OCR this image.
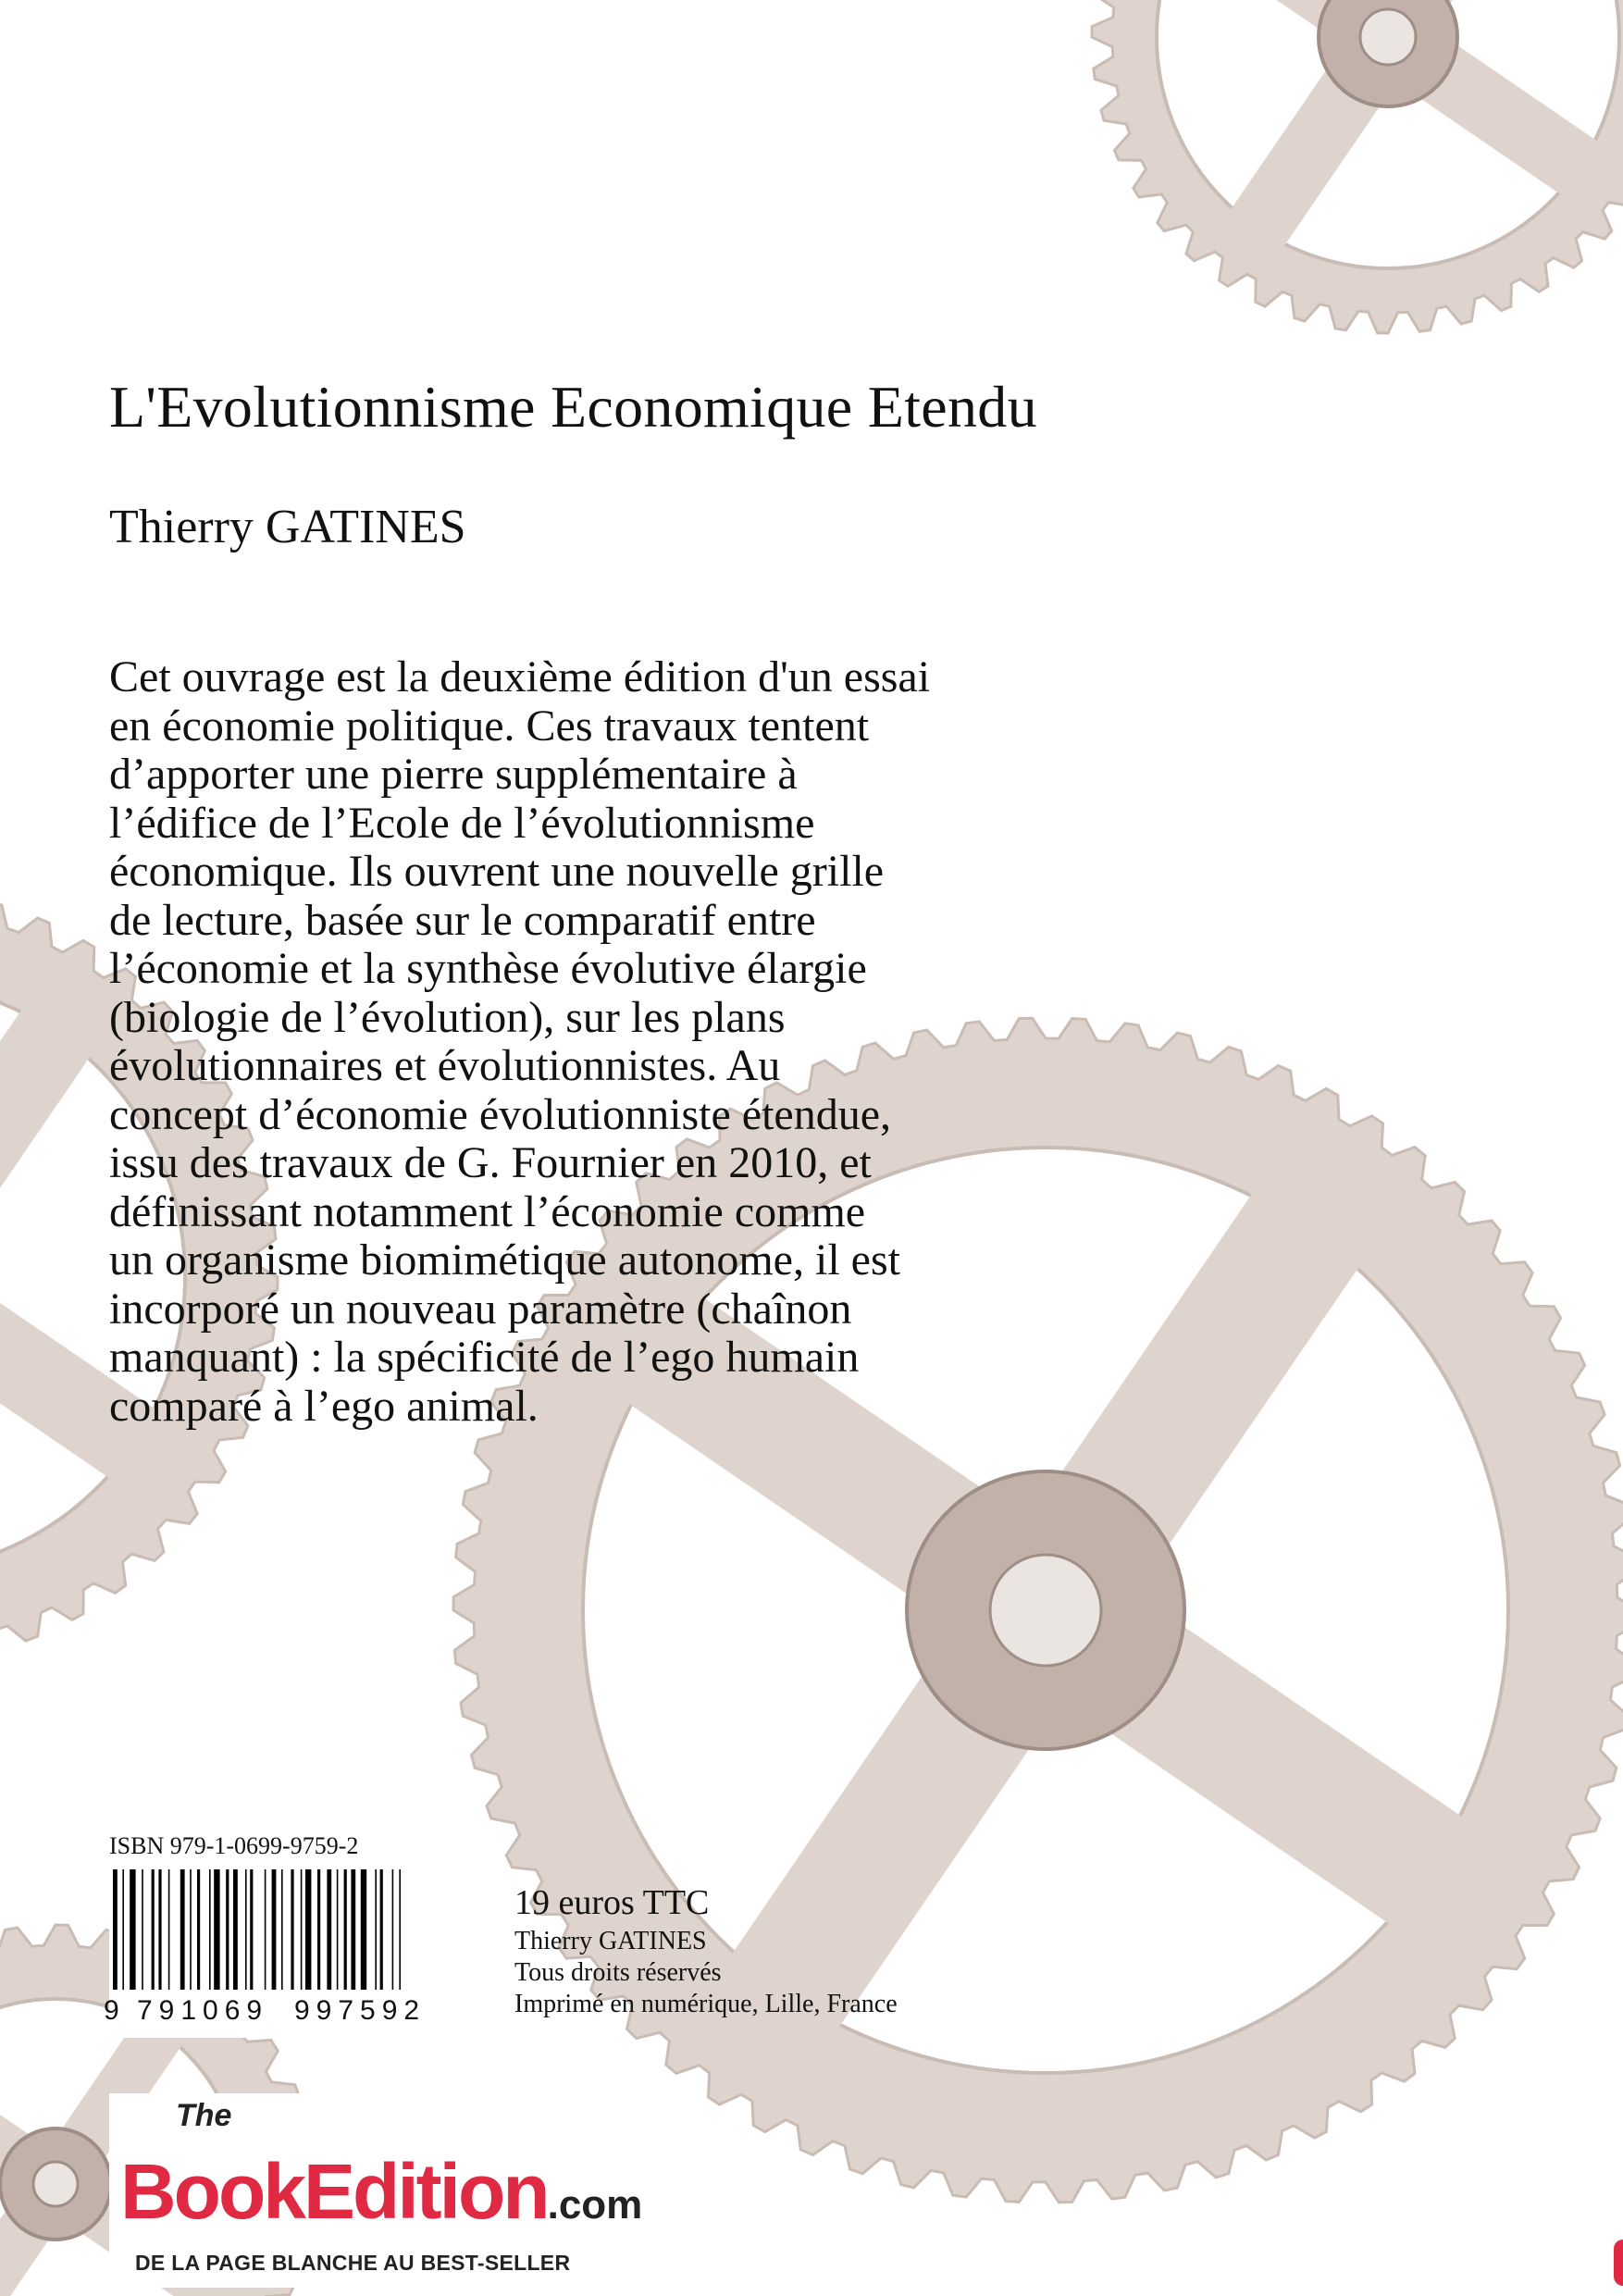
L'Evolutionnisme Economique Etendu
Thierry GATINES
Cet ouvrage est la deuxième édition d'un essai
en économie politique. Ces travaux tentent
d’apporter une pierre supplémentaire à
l’édifice de l’Ecole de l’évolutionnisme
économique. Ils ouvrent une nouvelle grille
de lecture, basée sur le comparatif entre
l’économie et la synthèse évolutive élargie
(biologie de l’évolution), sur les plans
évolutionnaires et évolutionnistes. Au
concept d’économie évolutionniste étendue,
issu des travaux de G. Fournier en 2010, et
définissant notamment l’économie comme
un organisme biomimétique autonome, il est
incorporé un nouveau paramètre (chaînon
manquant) : la spécificité de l’ego humain
comparé à l’ego animal.
ISBN 979-1-0699-9759-2
9 791069 997592
19 euros TTC
Thierry GATINES
Tous droits réservés
Imprimé en numérique, Lille, France
The
BookEdition.com
DE LA PAGE BLANCHE AU BEST-SELLER
